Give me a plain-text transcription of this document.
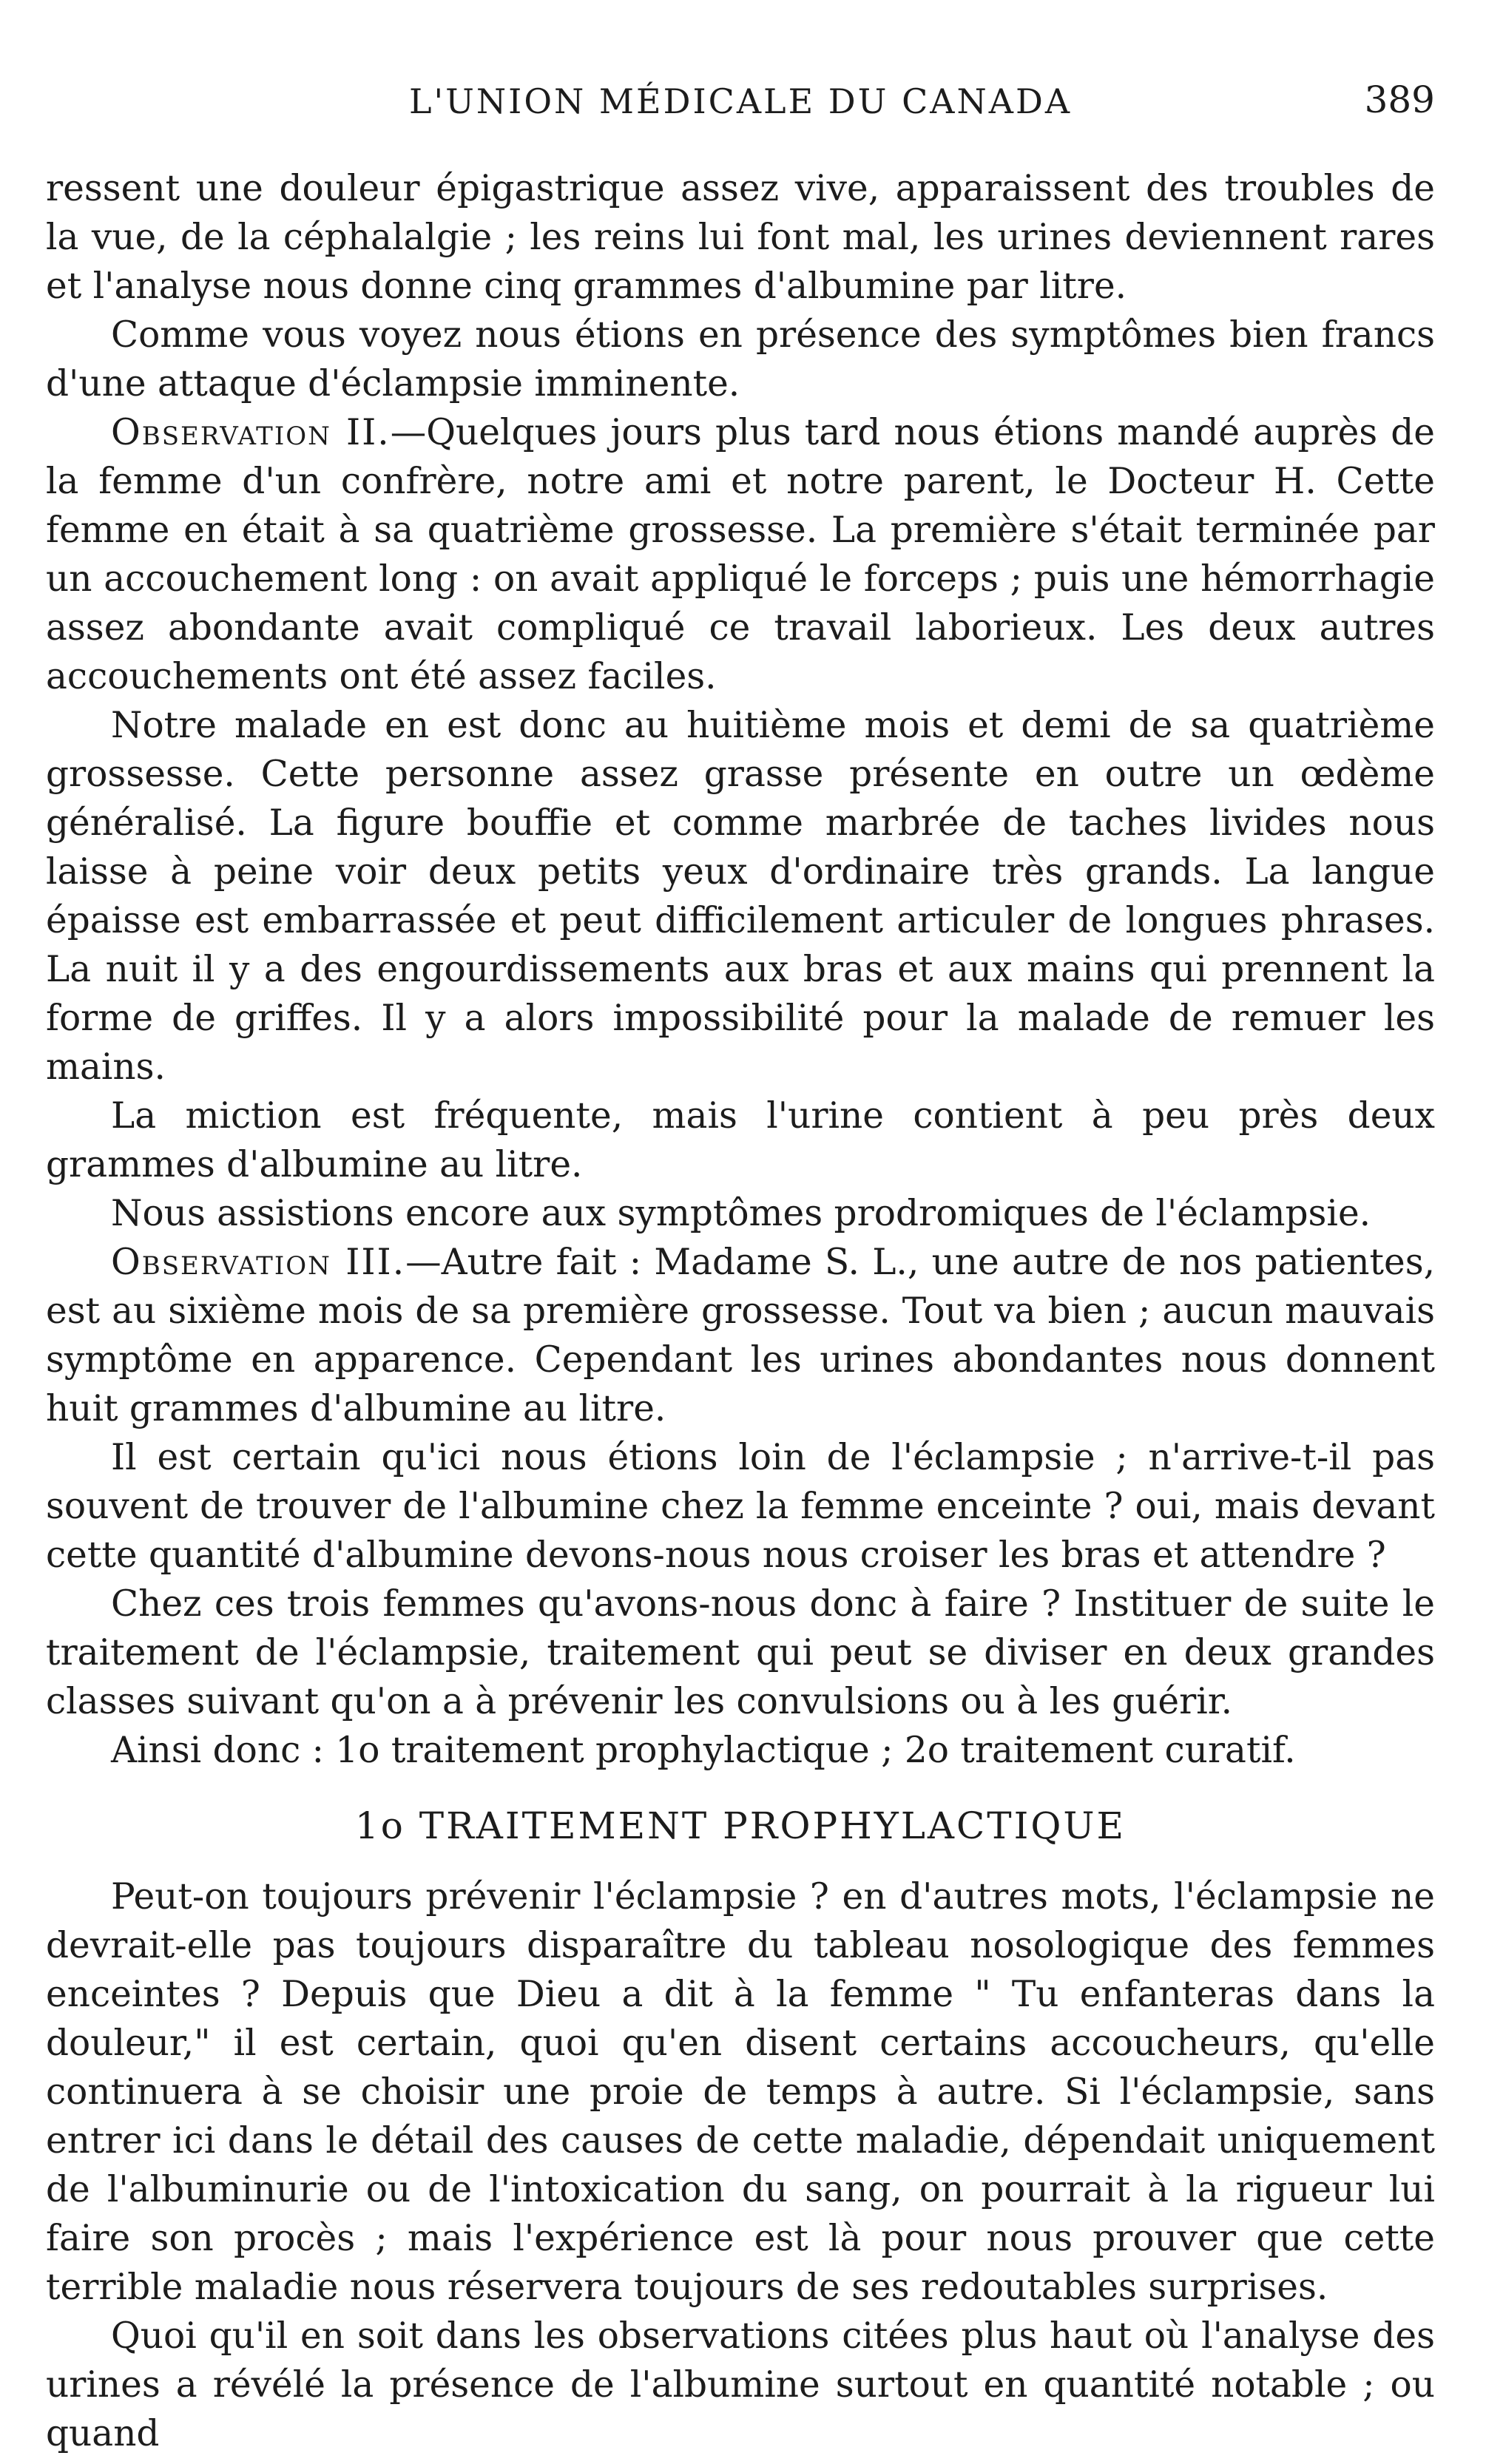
L'UNION MÉDICALE DU CANADA	389

ressent une douleur épigastrique assez vive, apparaissent des troubles de la vue, de la céphalalgie ; les reins lui font mal, les urines deviennent rares et l'analyse nous donne cinq grammes d'albumine par litre.

Comme vous voyez nous étions en présence des symptômes bien francs d'une attaque d'éclampsie imminente.

Observation II.—Quelques jours plus tard nous étions mandé auprès de la femme d'un confrère, notre ami et notre parent, le Docteur H. Cette femme en était à sa quatrième grossesse. La première s'était terminée par un accouchement long : on avait appliqué le forceps ; puis une hémorrhagie assez abondante avait compliqué ce travail laborieux. Les deux autres accouchements ont été assez faciles.

Notre malade en est donc au huitième mois et demi de sa quatrième grossesse. Cette personne assez grasse présente en outre un œdème généralisé. La figure bouffie et comme marbrée de taches livides nous laisse à peine voir deux petits yeux d'ordinaire très grands. La langue épaisse est embarrassée et peut difficilement articuler de longues phrases. La nuit il y a des engourdissements aux bras et aux mains qui prennent la forme de griffes. Il y a alors impossibilité pour la malade de remuer les mains.

La miction est fréquente, mais l'urine contient à peu près deux grammes d'albumine au litre.

Nous assistions encore aux symptômes prodromiques de l'éclampsie.

Observation III.—Autre fait : Madame S. L., une autre de nos patientes, est au sixième mois de sa première grossesse. Tout va bien ; aucun mauvais symptôme en apparence. Cependant les urines abondantes nous donnent huit grammes d'albumine au litre.

Il est certain qu'ici nous étions loin de l'éclampsie ; n'arrive-t-il pas souvent de trouver de l'albumine chez la femme enceinte ? oui, mais devant cette quantité d'albumine devons-nous nous croiser les bras et attendre ?

Chez ces trois femmes qu'avons-nous donc à faire ? Instituer de suite le traitement de l'éclampsie, traitement qui peut se diviser en deux grandes classes suivant qu'on a à prévenir les convulsions ou à les guérir.

Ainsi donc : 1o traitement prophylactique ; 2o traitement curatif.

1o TRAITEMENT PROPHYLACTIQUE

Peut-on toujours prévenir l'éclampsie ? en d'autres mots, l'éclampsie ne devrait-elle pas toujours disparaître du tableau nosologique des femmes enceintes ? Depuis que Dieu a dit à la femme " Tu enfanteras dans la douleur," il est certain, quoi qu'en disent certains accoucheurs, qu'elle continuera à se choisir une proie de temps à autre. Si l'éclampsie, sans entrer ici dans le détail des causes de cette maladie, dépendait uniquement de l'albuminurie ou de l'intoxication du sang, on pourrait à la rigueur lui faire son procès ; mais l'expérience est là pour nous prouver que cette terrible maladie nous réservera toujours de ses redoutables surprises.

Quoi qu'il en soit dans les observations citées plus haut où l'analyse des urines a révélé la présence de l'albumine surtout en quantité notable ; ou quand
